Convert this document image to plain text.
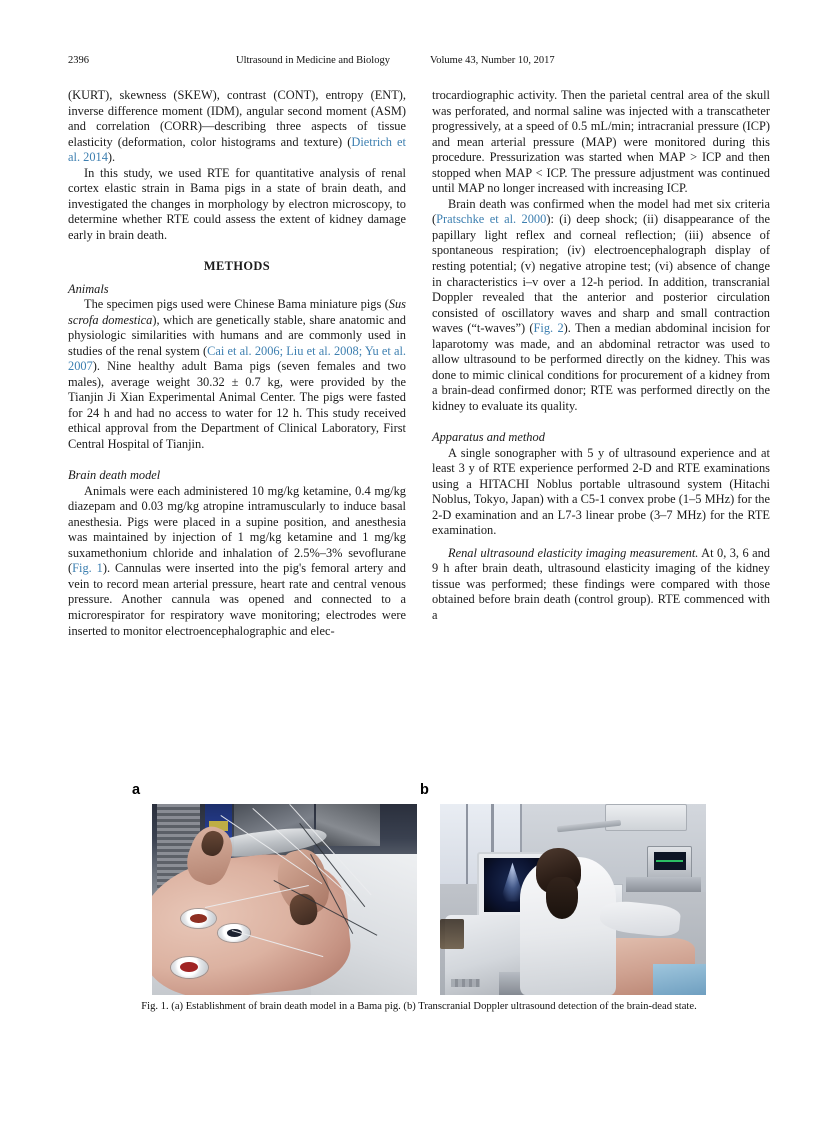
2396	Ultrasound in Medicine and Biology	Volume 43, Number 10, 2017

(KURT), skewness (SKEW), contrast (CONT), entropy (ENT), inverse difference moment (IDM), angular second moment (ASM) and correlation (CORR)—describing three aspects of tissue elasticity (deformation, color histograms and texture) (Dietrich et al. 2014).

In this study, we used RTE for quantitative analysis of renal cortex elastic strain in Bama pigs in a state of brain death, and investigated the changes in morphology by electron microscopy, to determine whether RTE could assess the extent of kidney damage early in brain death.

METHODS
Animals

The specimen pigs used were Chinese Bama miniature pigs (Sus scrofa domestica), which are genetically stable, share anatomic and physiologic similarities with humans and are commonly used in studies of the renal system (Cai et al. 2006; Liu et al. 2008; Yu et al. 2007). Nine healthy adult Bama pigs (seven females and two males), average weight 30.32 ± 0.7 kg, were provided by the Tianjin Ji Xian Experimental Animal Center. The pigs were fasted for 24 h and had no access to water for 12 h. This study received ethical approval from the Department of Clinical Laboratory, First Central Hospital of Tianjin.

Brain death model

Animals were each administered 10 mg/kg ketamine, 0.4 mg/kg diazepam and 0.03 mg/kg atropine intramuscularly to induce basal anesthesia. Pigs were placed in a supine position, and anesthesia was maintained by injection of 1 mg/kg ketamine and 1 mg/kg suxamethonium chloride and inhalation of 2.5%–3% sevoflurane (Fig. 1). Cannulas were inserted into the pig's femoral artery and vein to record mean arterial pressure, heart rate and central venous pressure. Another cannula was opened and connected to a microrespirator for respiratory wave monitoring; electrodes were inserted to monitor electroencephalographic and elec-

trocardiographic activity. Then the parietal central area of the skull was perforated, and normal saline was injected with a transcatheter progressively, at a speed of 0.5 mL/min; intracranial pressure (ICP) and mean arterial pressure (MAP) were monitored during this procedure. Pressurization was started when MAP > ICP and then stopped when MAP < ICP. The pressure adjustment was continued until MAP no longer increased with increasing ICP.

Brain death was confirmed when the model had met six criteria (Pratschke et al. 2000): (i) deep shock; (ii) disappearance of the papillary light reflex and corneal reflection; (iii) absence of spontaneous respiration; (iv) electroencephalograph display of resting potential; (v) negative atropine test; (vi) absence of change in characteristics i–v over a 12-h period. In addition, transcranial Doppler revealed that the anterior and posterior circulation consisted of oscillatory waves and sharp and small contraction waves (“t-waves”) (Fig. 2). Then a median abdominal incision for laparotomy was made, and an abdominal retractor was used to allow ultrasound to be performed directly on the kidney. This was done to mimic clinical conditions for procurement of a kidney from a brain-dead confirmed donor; RTE was performed directly on the kidney to evaluate its quality.

Apparatus and method

A single sonographer with 5 y of ultrasound experience and at least 3 y of RTE experience performed 2-D and RTE examinations using a HITACHI Noblus portable ultrasound system (Hitachi Noblus, Tokyo, Japan) with a C5-1 convex probe (1–5 MHz) for the 2-D examination and an L7-3 linear probe (3–7 MHz) for the RTE examination.

Renal ultrasound elasticity imaging measurement. At 0, 3, 6 and 9 h after brain death, ultrasound elasticity imaging of the kidney tissue was performed; these findings were compared with those obtained before brain death (control group). RTE commenced with a

a	b
Fig. 1. (a) Establishment of brain death model in a Bama pig. (b) Transcranial Doppler ultrasound detection of the brain-dead state.
